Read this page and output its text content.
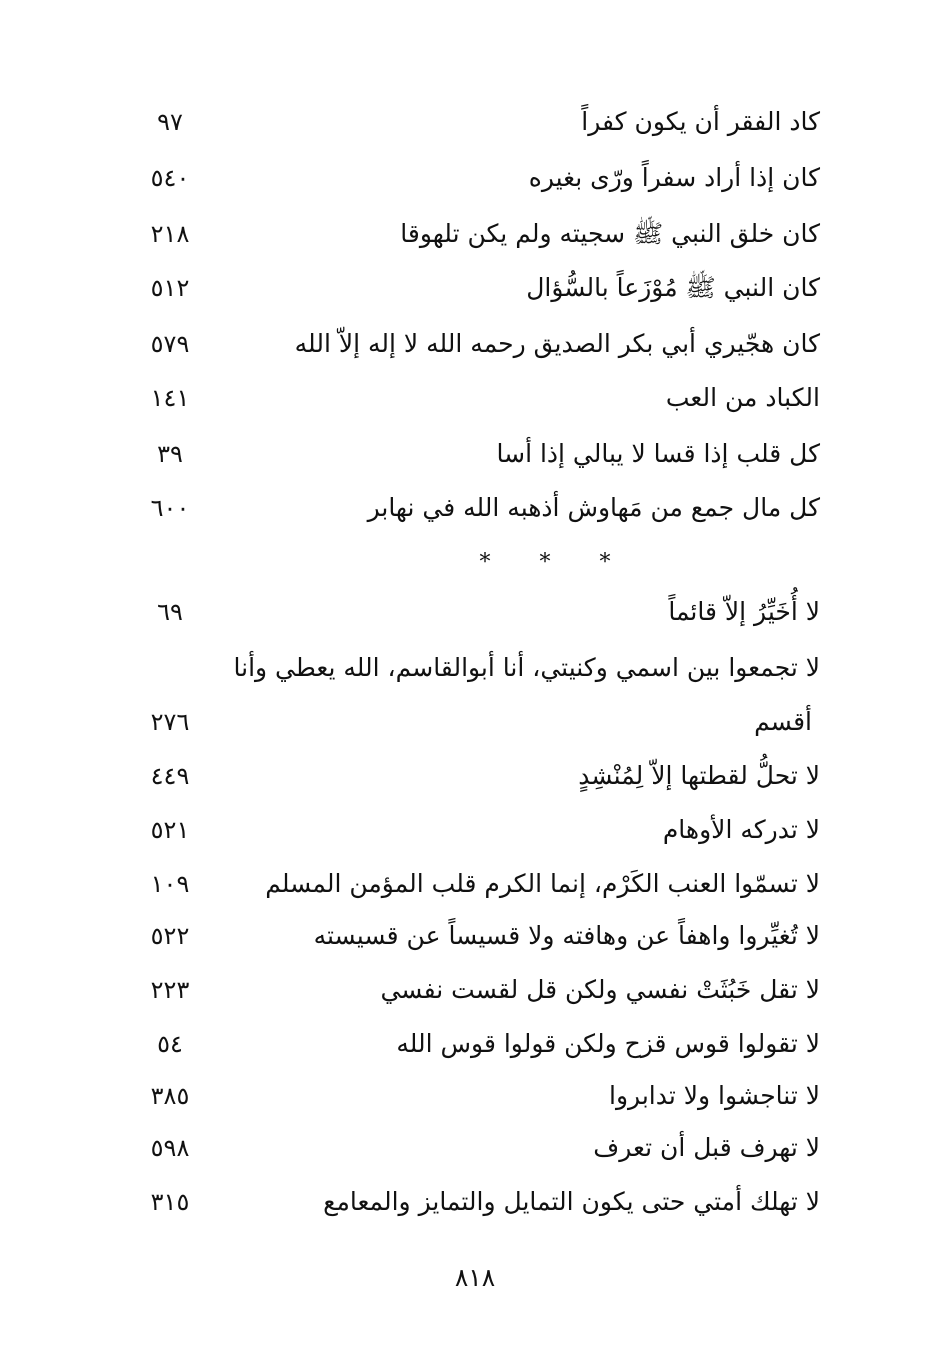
كاد الفقر أن يكون كفراً
٩٧
كان إذا أراد سفراً ورّى بغيره
٥٤٠
كان خلق النبي ﷺ سجيته ولم يكن تلهوقا
٢١٨
كان النبي ﷺ مُوْزَعاً بالسُّؤال
٥١٢
كان هجّيري أبي بكر الصديق رحمه الله لا إله إلاّ الله
٥٧٩
الكباد من العب
١٤١
كل قلب إذا قسا لا يبالي إذا أسا
٣٩
كل مال جمع من مَهاوش أذهبه الله في نهابر
٦٠٠
*	*	*
لا أُخَيِّرُ إلاّ قائماً
٦٩
لا تجمعوا بين اسمي وكنيتي، أنا أبوالقاسم، الله يعطي وأنا
أقسم
٢٧٦
لا تحلُّ لقطتها إلاّ لِمُنْشِدٍ
٤٤٩
لا تدركه الأوهام
٥٢١
لا تسمّوا العنب الكَرْم، إنما الكرم قلب المؤمن المسلم
١٠٩
لا تُغيِّروا واهفاً عن وهافته ولا قسيساً عن قسيسته
٥٢٢
لا تقل خَبُثَتْ نفسي ولكن قل لقست نفسي
٢٢٣
لا تقولوا قوس قزح ولكن قولوا قوس الله
٥٤
لا تناجشوا ولا تدابروا
٣٨٥
لا تهرف قبل أن تعرف
٥٩٨
لا تهلك أمتي حتى يكون التمايل والتمايز والمعامع
٣١٥
٨١٨
